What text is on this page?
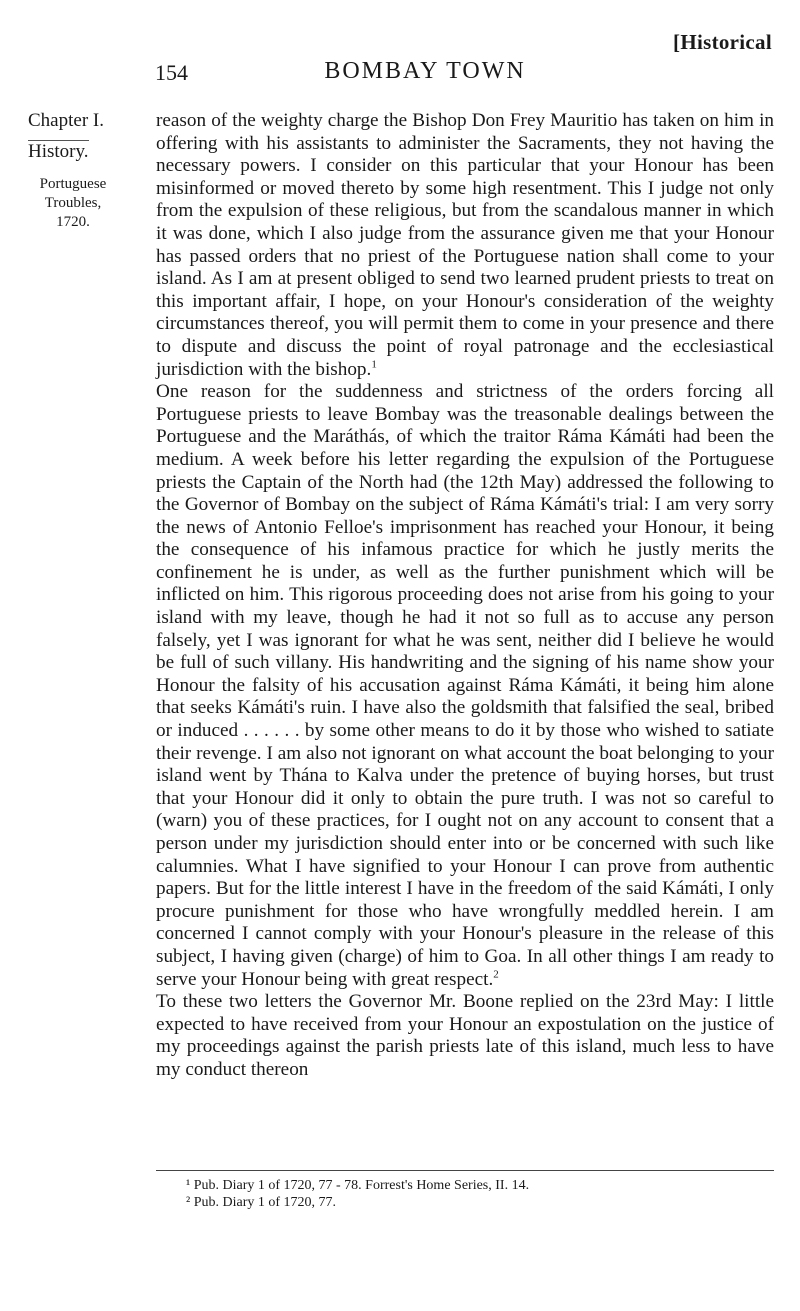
[Historical
154	BOMBAY TOWN
Chapter I.
History.
Portuguese Troubles, 1720.

reason of the weighty charge the Bishop Don Frey Mauritio has taken on him in offering with his assistants to administer the Sacraments, they not having the necessary powers. I consider on this particular that your Honour has been misinformed or moved thereto by some high resentment. This I judge not only from the expulsion of these religious, but from the scandalous manner in which it was done, which I also judge from the assurance given me that your Honour has passed orders that no priest of the Portuguese nation shall come to your island. As I am at present obliged to send two learned prudent priests to treat on this important affair, I hope, on your Honour's consideration of the weighty circumstances thereof, you will permit them to come in your presence and there to dispute and discuss the point of royal patronage and the ecclesiastical jurisdiction with the bishop.$^1$

One reason for the suddenness and strictness of the orders forcing all Portuguese priests to leave Bombay was the treasonable dealings between the Portuguese and the Maráthás, of which the traitor Ráma Kámáti had been the medium. A week before his letter regarding the expulsion of the Portuguese priests the Captain of the North had (the 12th May) addressed the following to the Governor of Bombay on the subject of Ráma Kámáti's trial: I am very sorry the news of Antonio Felloe's imprisonment has reached your Honour, it being the consequence of his infamous practice for which he justly merits the confinement he is under, as well as the further punishment which will be inflicted on him. This rigorous proceeding does not arise from his going to your island with my leave, though he had it not so full as to accuse any person falsely, yet I was ignorant for what he was sent, neither did I believe he would be full of such villany. His handwriting and the signing of his name show your Honour the falsity of his accusation against Ráma Kámáti, it being him alone that seeks Kámáti's ruin. I have also the goldsmith that falsified the seal, bribed or induced . . . . . . by some other means to do it by those who wished to satiate their revenge. I am also not ignorant on what account the boat belonging to your island went by Thána to Kalva under the pretence of buying horses, but trust that your Honour did it only to obtain the pure truth. I was not so careful to (warn) you of these practices, for I ought not on any account to consent that a person under my jurisdiction should enter into or be concerned with such like calumnies. What I have signified to your Honour I can prove from authentic papers. But for the little interest I have in the freedom of the said Kámáti, I only procure punishment for those who have wrongfully meddled herein. I am concerned I cannot comply with your Honour's pleasure in the release of this subject, I having given (charge) of him to Goa. In all other things I am ready to serve your Honour being with great respect.$^2$

To these two letters the Governor Mr. Boone replied on the 23rd May: I little expected to have received from your Honour an expostulation on the justice of my proceedings against the parish priests late of this island, much less to have my conduct thereon

¹ Pub. Diary 1 of 1720, 77 - 78. Forrest's Home Series, II. 14.
² Pub. Diary 1 of 1720, 77.
